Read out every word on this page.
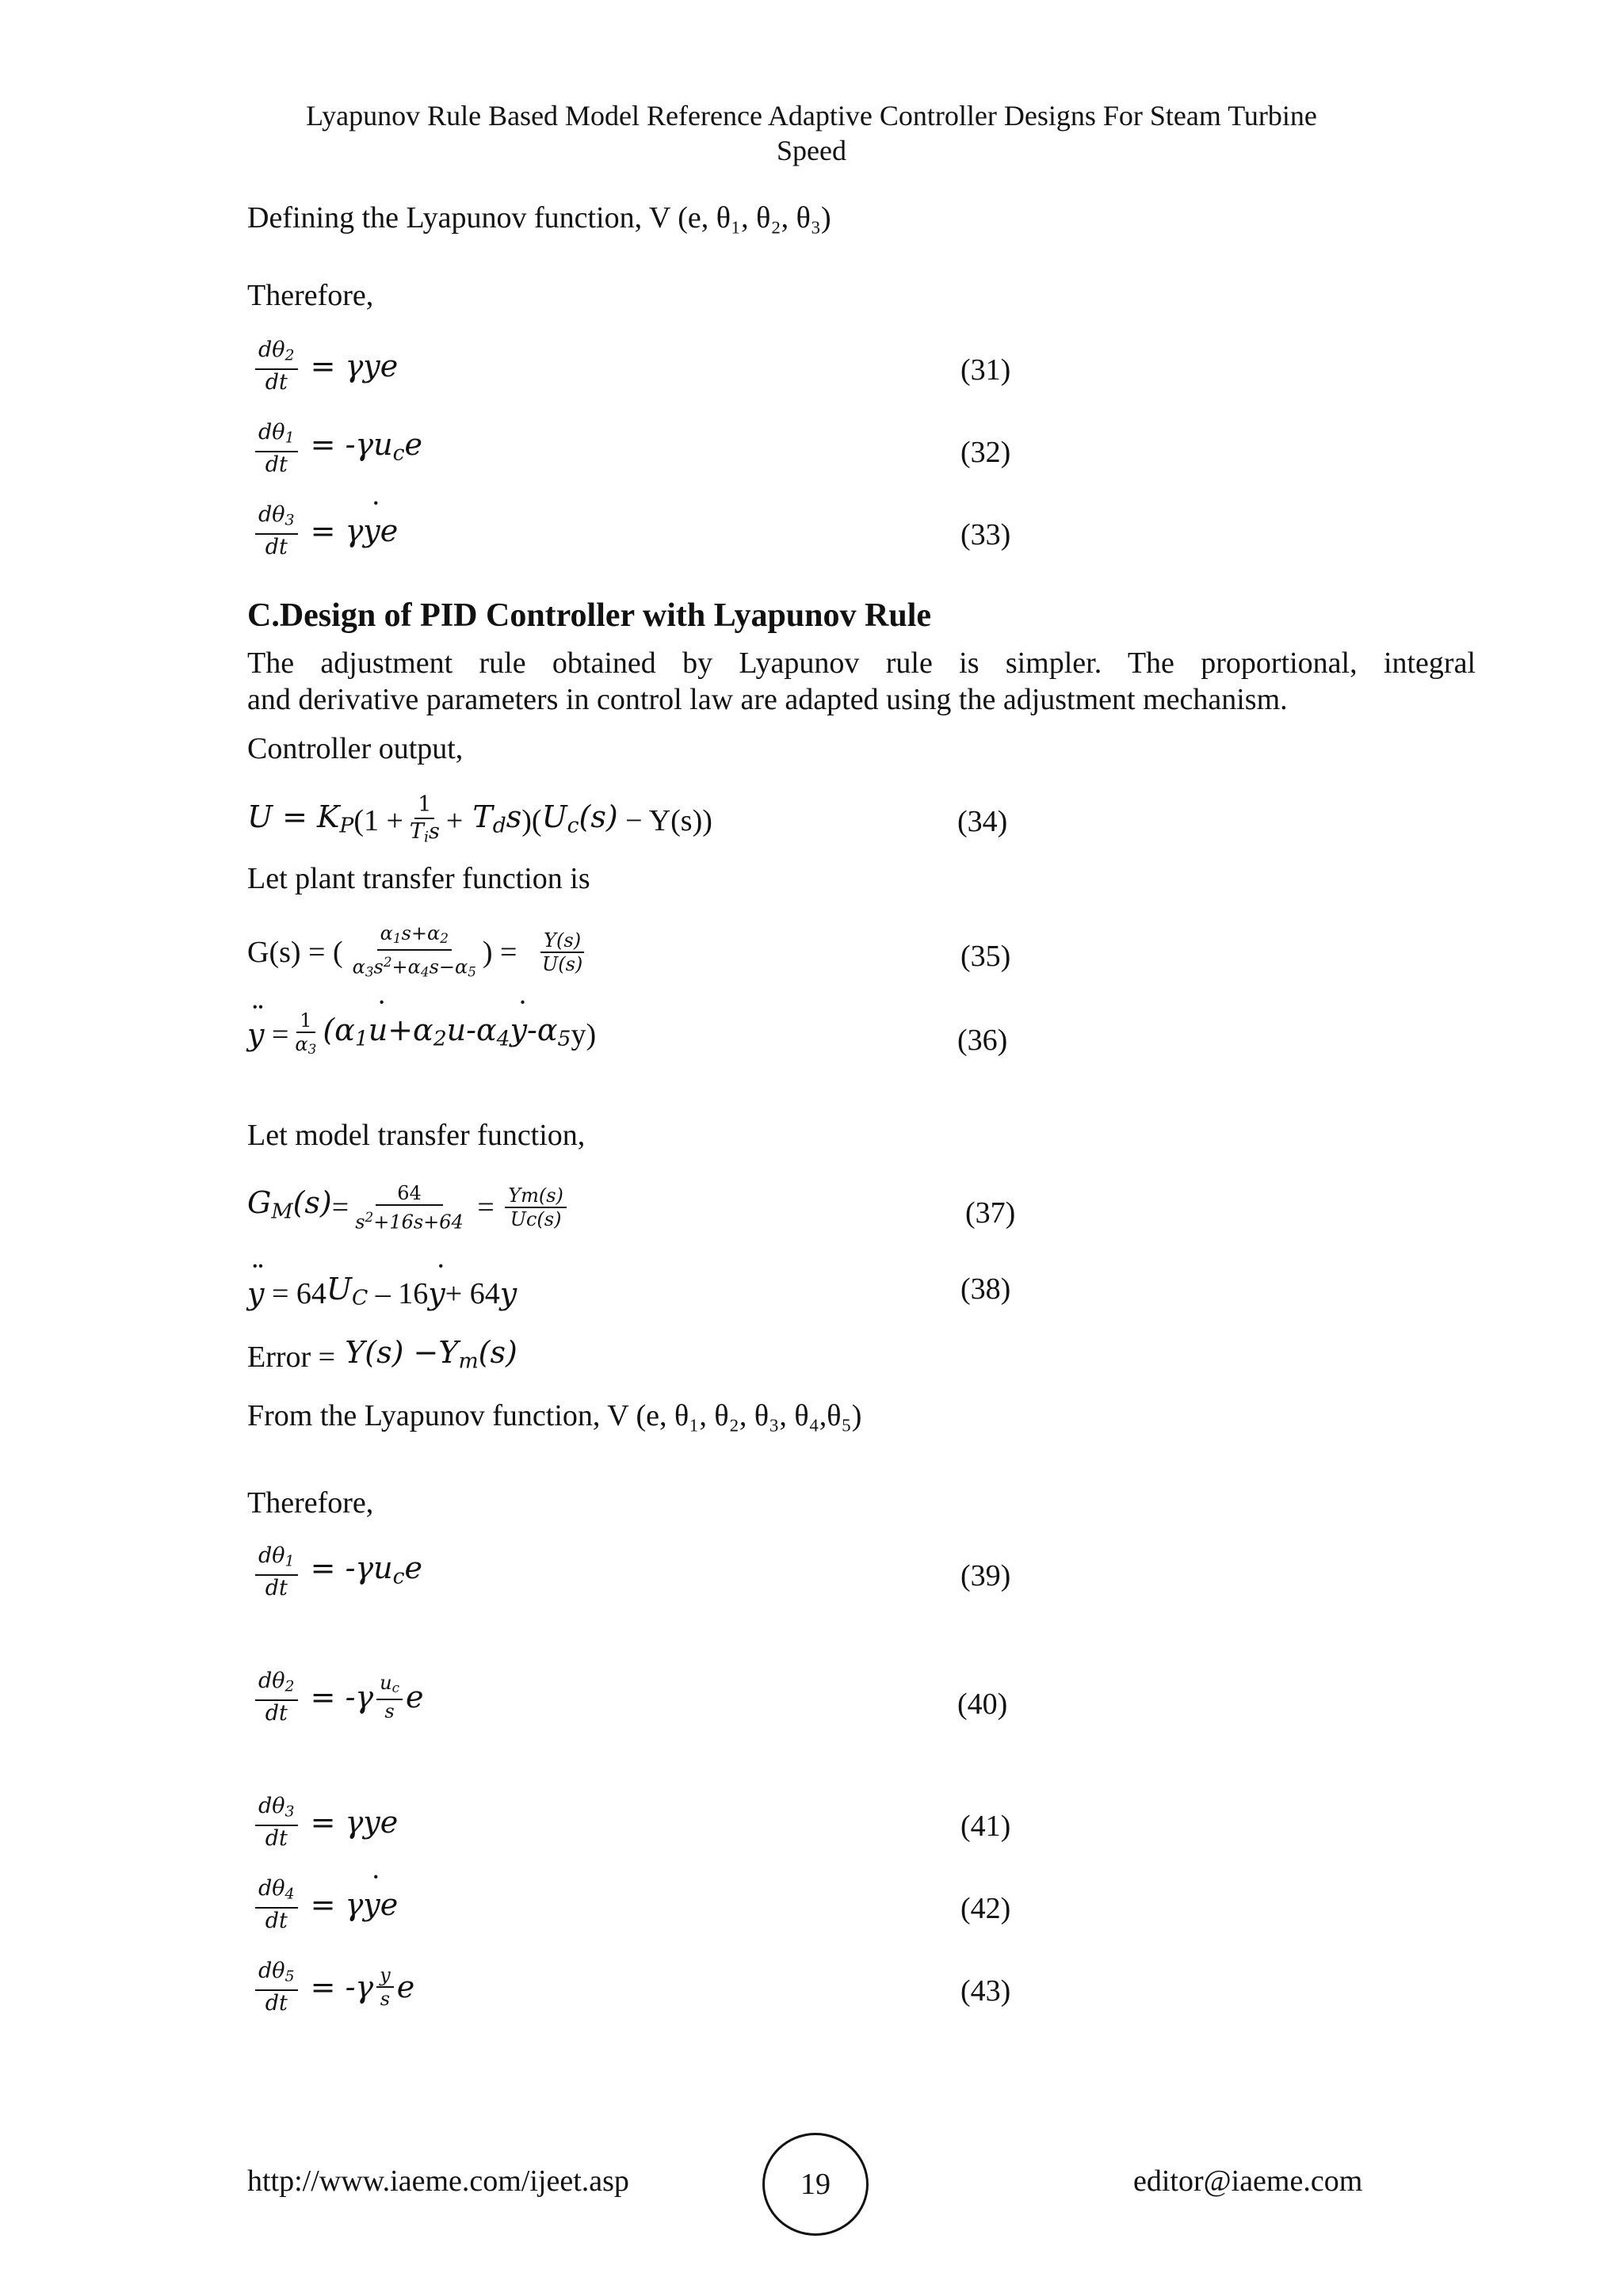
Lyapunov Rule Based Model Reference Adaptive Controller Designs For Steam Turbine
Speed
Defining the Lyapunov function, V (e, θ₁, θ₂, θ₃)
Therefore,
$\frac{d\theta_2}{dt} = \gamma ye$	(31)
$\frac{d\theta_1}{dt} = -\gamma u_ce$	(32)
$\frac{d\theta_3}{dt} = \gamma y$ ˙e	(33)
C.Design of PID Controller with Lyapunov Rule
The adjustment rule obtained by Lyapunov rule is simpler. The proportional, integral
and derivative parameters in control law are adapted using the adjustment mechanism.
Controller output,
$U = K_P$ ($1 + \frac{1}{T_is} + T_ds$ )( $U_c(s) - Y(s)$)	(34)
Let plant transfer function is
G(s) = ( $\frac{\alpha_1s+\alpha_2}{\alpha_3s^2+\alpha_4s-\alpha_5}$ ) = $\frac{Y(s)}{U(s)}$	(35)
y ¨ = $\frac{1}{\alpha_3} (\alpha_1u$ $˙+\alpha_2u-\alpha_4y$ $˙-\alpha_5$ y)	(36)
Let model transfer function,
$G_M(s) = \frac{64}{s^2+16s+64} = \frac{Ym(s)}{Uc(s)}$	(37)
y ¨ = 64 $U_C - 16$ y ˙ + 64 y	(38)
Error = $Y(s) -Y_m(s)$
From the Lyapunov function, V (e, θ₁, θ₂, θ₃, θ₄,θ₅)
Therefore,
$\frac{d\theta_1}{dt} = -\gamma u_ce$	(39)
$\frac{d\theta_2}{dt} = -\gamma \frac{u_c}{s}$ e	(40)
$\frac{d\theta_3}{dt} = \gamma ye$	(41)
$\frac{d\theta_4}{dt} = \gamma y$ ˙e	(42)
$\frac{d\theta_5}{dt} = -\gamma \frac{y}{s}$ e	(43)
http://www.iaeme.com/ijeet.asp	19	editor@iaeme.com
